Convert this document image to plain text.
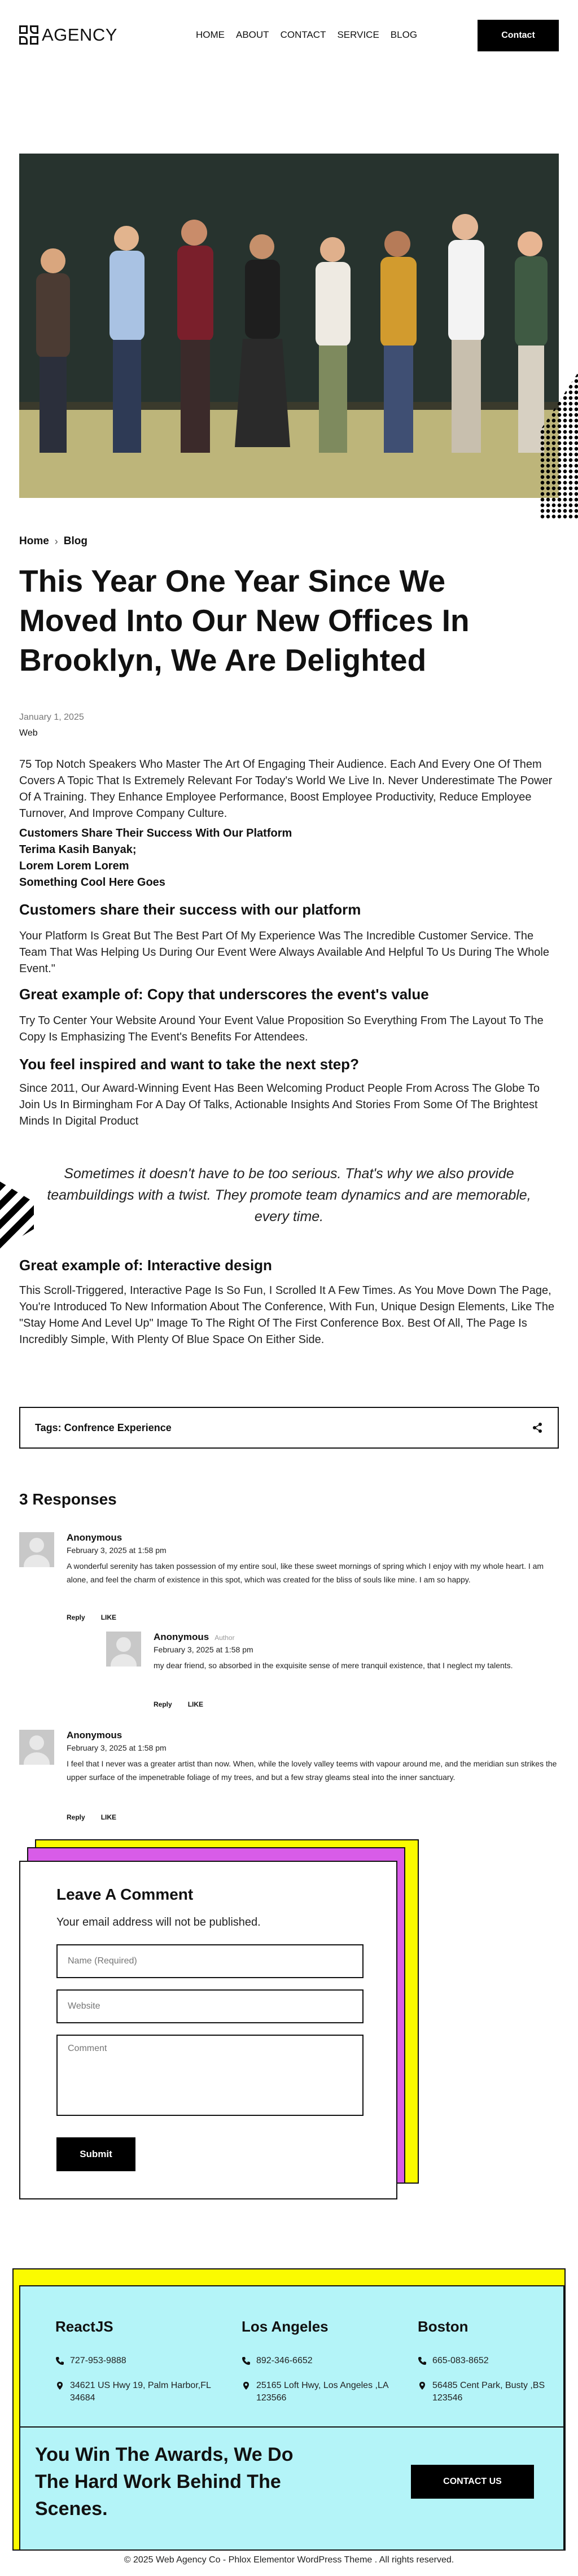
AGENCY	HOME ABOUT CONTACT SERVICE BLOG	Contact
Home › Blog
This Year One Year Since We Moved Into Our New Offices In Brooklyn, We Are Delighted
January 1, 2025
Web

75 Top Notch Speakers Who Master The Art Of Engaging Their Audience. Each And Every One Of Them Covers A Topic That Is Extremely Relevant For Today's World We Live In. Never Underestimate The Power Of A Training. They Enhance Employee Performance, Boost Employee Productivity, Reduce Employee Turnover, And Improve Company Culture.

Customers Share Their Success With Our Platform
Terima Kasih Banyak;
Lorem Lorem Lorem
Something Cool Here Goes
Customers share their success with our platform

Your Platform Is Great But The Best Part Of My Experience Was The Incredible Customer Service. The Team That Was Helping Us During Our Event Were Always Available And Helpful To Us During The Whole Event."

Great example of: Copy that underscores the event's value

Try To Center Your Website Around Your Event Value Proposition So Everything From The Layout To The Copy Is Emphasizing The Event's Benefits For Attendees.

You feel inspired and want to take the next step?

Since 2011, Our Award-Winning Event Has Been Welcoming Product People From Across The Globe To Join Us In Birmingham For A Day Of Talks, Actionable Insights And Stories From Some Of The Brightest Minds In Digital Product

Sometimes it doesn't have to be too serious. That's why we also provide teambuildings with a twist. They promote team dynamics and are memorable, every time.
Great example of: Interactive design

This Scroll-Triggered, Interactive Page Is So Fun, I Scrolled It A Few Times. As You Move Down The Page, You're Introduced To New Information About The Conference, With Fun, Unique Design Elements, Like The "Stay Home And Level Up" Image To The Right Of The First Conference Box. Best Of All, The Page Is Incredibly Simple, With Plenty Of Blue Space On Either Side.

Tags: Confrence Experience
3 Responses
Anonymous
February 3, 2025 at 1:58 pm
A wonderful serenity has taken possession of my entire soul, like these sweet mornings of spring which I enjoy with my whole heart. I am alone, and feel the charm of existence in this spot, which was created for the bliss of souls like mine. I am so happy.
Reply LIKE
Anonymous Author
February 3, 2025 at 1:58 pm
my dear friend, so absorbed in the exquisite sense of mere tranquil existence, that I neglect my talents.
Reply LIKE
Anonymous
February 3, 2025 at 1:58 pm
I feel that I never was a greater artist than now. When, while the lovely valley teems with vapour around me, and the meridian sun strikes the upper surface of the impenetrable foliage of my trees, and but a few stray gleams steal into the inner sanctuary.
Reply LIKE
Leave A Comment

Your email address will not be published.

Name (Required)
Website
Comment
Submit
ReactJS
727-953-9888
34621 US Hwy 19, Palm Harbor,FL 34684
Los Angeles
892-346-6652
25165 Loft Hwy, Los Angeles ,LA 123566
Boston
665-083-8652
56485 Cent Park, Busty ,BS 123546
You Win The Awards, We Do The Hard Work Behind The Scenes.
CONTACT US
© 2025 Web Agency Co - Phlox Elementor WordPress Theme . All rights reserved.
